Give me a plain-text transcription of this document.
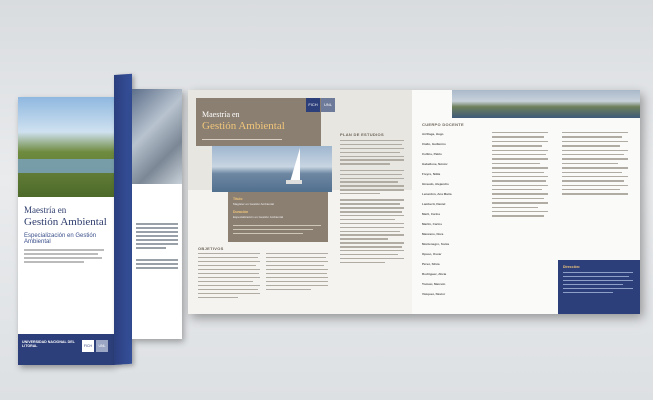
Maestría en
Gestión Ambiental
Especialización en Gestión Ambiental
UNIVERSIDAD NACIONAL DEL LITORAL	FICH	UNL
Maestría en
Gestión Ambiental
FICH	UNL
Título
Magíster en Gestión Ambiental
Duración
Especialización en Gestión Ambiental
OBJETIVOS
PLAN DE ESTUDIOS
CUERPO DOCENTE
Arrillaga, Hugo
Ciallo, Guillermo
Collins, Pablo
Gabellone, Néstor
Freyre, Nilda
Giraudo, Alejandro
Lenardón, Ana María
Lamberti, Daniel
Marti, Carlos
Martín, Carlos
Manzano, Nora
Montenegro, Sonia
Opaso, Oscar
Pérez, Silvia
Rodríguez, Alicia
Tomasi, Marcelo
Vázquez, Néstor
Dirección:
